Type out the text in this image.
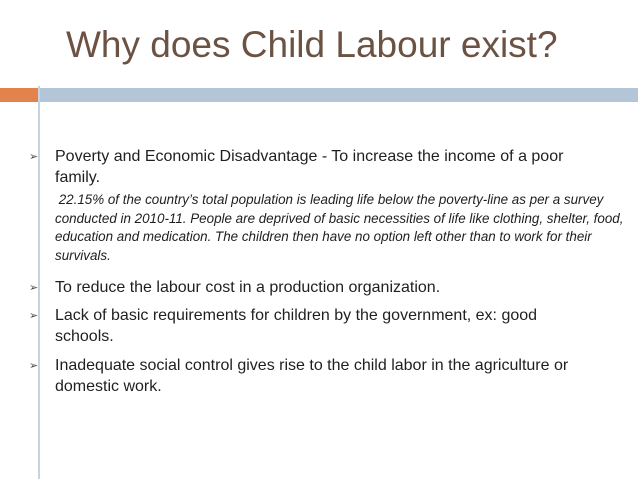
Why does Child Labour exist?
➢ Poverty and Economic Disadvantage - To increase the income of a poor family.
22.15% of the country’s total population is leading life below the poverty-line as per a survey conducted in 2010-11. People are deprived of basic necessities of life like clothing, shelter, food, education and medication. The children then have no option left other than to work for their survivals.
➢ To reduce the labour cost in a production organization.
➢ Lack of basic requirements for children by the government, ex: good schools.
➢ Inadequate social control gives rise to the child labor in the agriculture or domestic work.
